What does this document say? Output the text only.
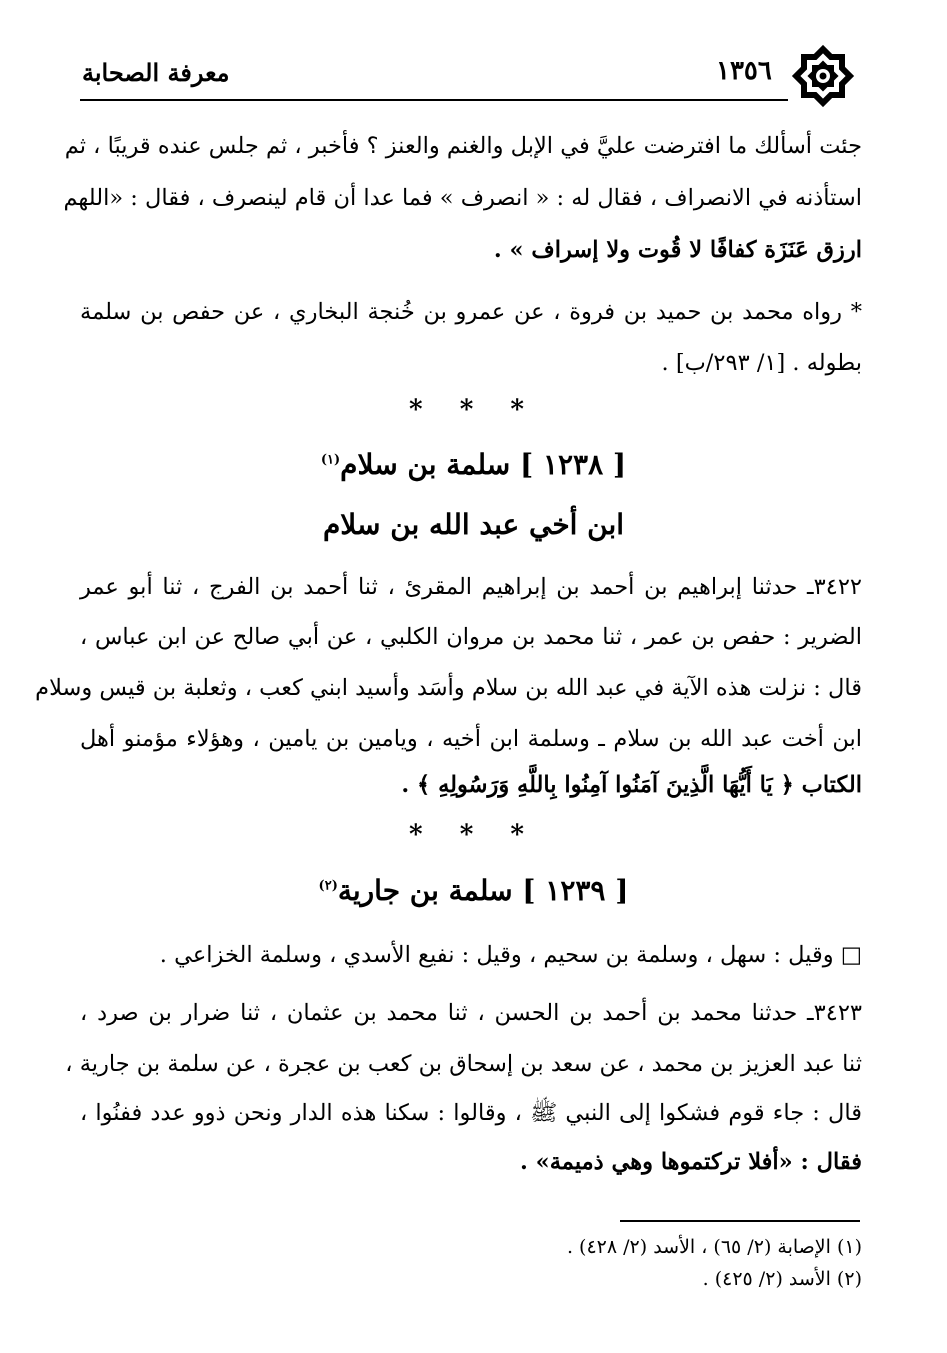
معرفة الصحابة	١٣٥٦
جئت أسألك ما افترضت عليَّ في الإبل والغنم والعنز ؟ فأخبر ، ثم جلس عنده قريبًا ، ثم
استأذنه في الانصراف ، فقال له : « انصرف » فما عدا أن قام لينصرف ، فقال : «اللهم
ارزق عَنَزَة كفافًا لا قُوت ولا إسراف » .
* رواه محمد بن حميد بن فروة ، عن عمرو بن خُنجة البخاري ، عن حفص بن سلمة
بطوله . [١/ ٢٩٣/ب] .
* * *
[ ١٢٣٨ ] سلمة بن سلام$^{(١)}$
ابن أخي عبد الله بن سلام
٣٤٢٢ـ حدثنا إبراهيم بن أحمد بن إبراهيم المقرئ ، ثنا أحمد بن الفرج ، ثنا أبو عمر
الضرير : حفص بن عمر ، ثنا محمد بن مروان الكلبي ، عن أبي صالح عن ابن عباس ،
قال : نزلت هذه الآية في عبد الله بن سلام وأسَد وأسيد ابني كعب ، وثعلبة بن قيس وسلام
ابن أخت عبد الله بن سلام ـ وسلمة ابن أخيه ، ويامين بن يامين ، وهؤلاء مؤمنو أهل
الكتاب ﴿ يَا أَيُّهَا الَّذِينَ آمَنُوا آمِنُوا بِاللَّهِ وَرَسُولِهِ ﴾ .
* * *
[ ١٢٣٩ ] سلمة بن جارية$^{(٢)}$
□ وقيل : سهل ، وسلمة بن سحيم ، وقيل : نفيع الأسدي ، وسلمة الخزاعي .
٣٤٢٣ـ حدثنا محمد بن أحمد بن الحسن ، ثنا محمد بن عثمان ، ثنا ضرار بن صرد ،
ثنا عبد العزيز بن محمد ، عن سعد بن إسحاق بن كعب بن عجرة ، عن سلمة بن جارية ،
قال : جاء قوم فشكوا إلى النبي ﷺ ، وقالوا : سكنا هذه الدار ونحن ذوو عدد ففنُوا ،
فقال : «أفلا تركتموها وهي ذميمة» .
(١) الإصابة (٢/ ٦٥) ، الأسد (٢/ ٤٢٨) .
(٢) الأسد (٢/ ٤٢٥) .
